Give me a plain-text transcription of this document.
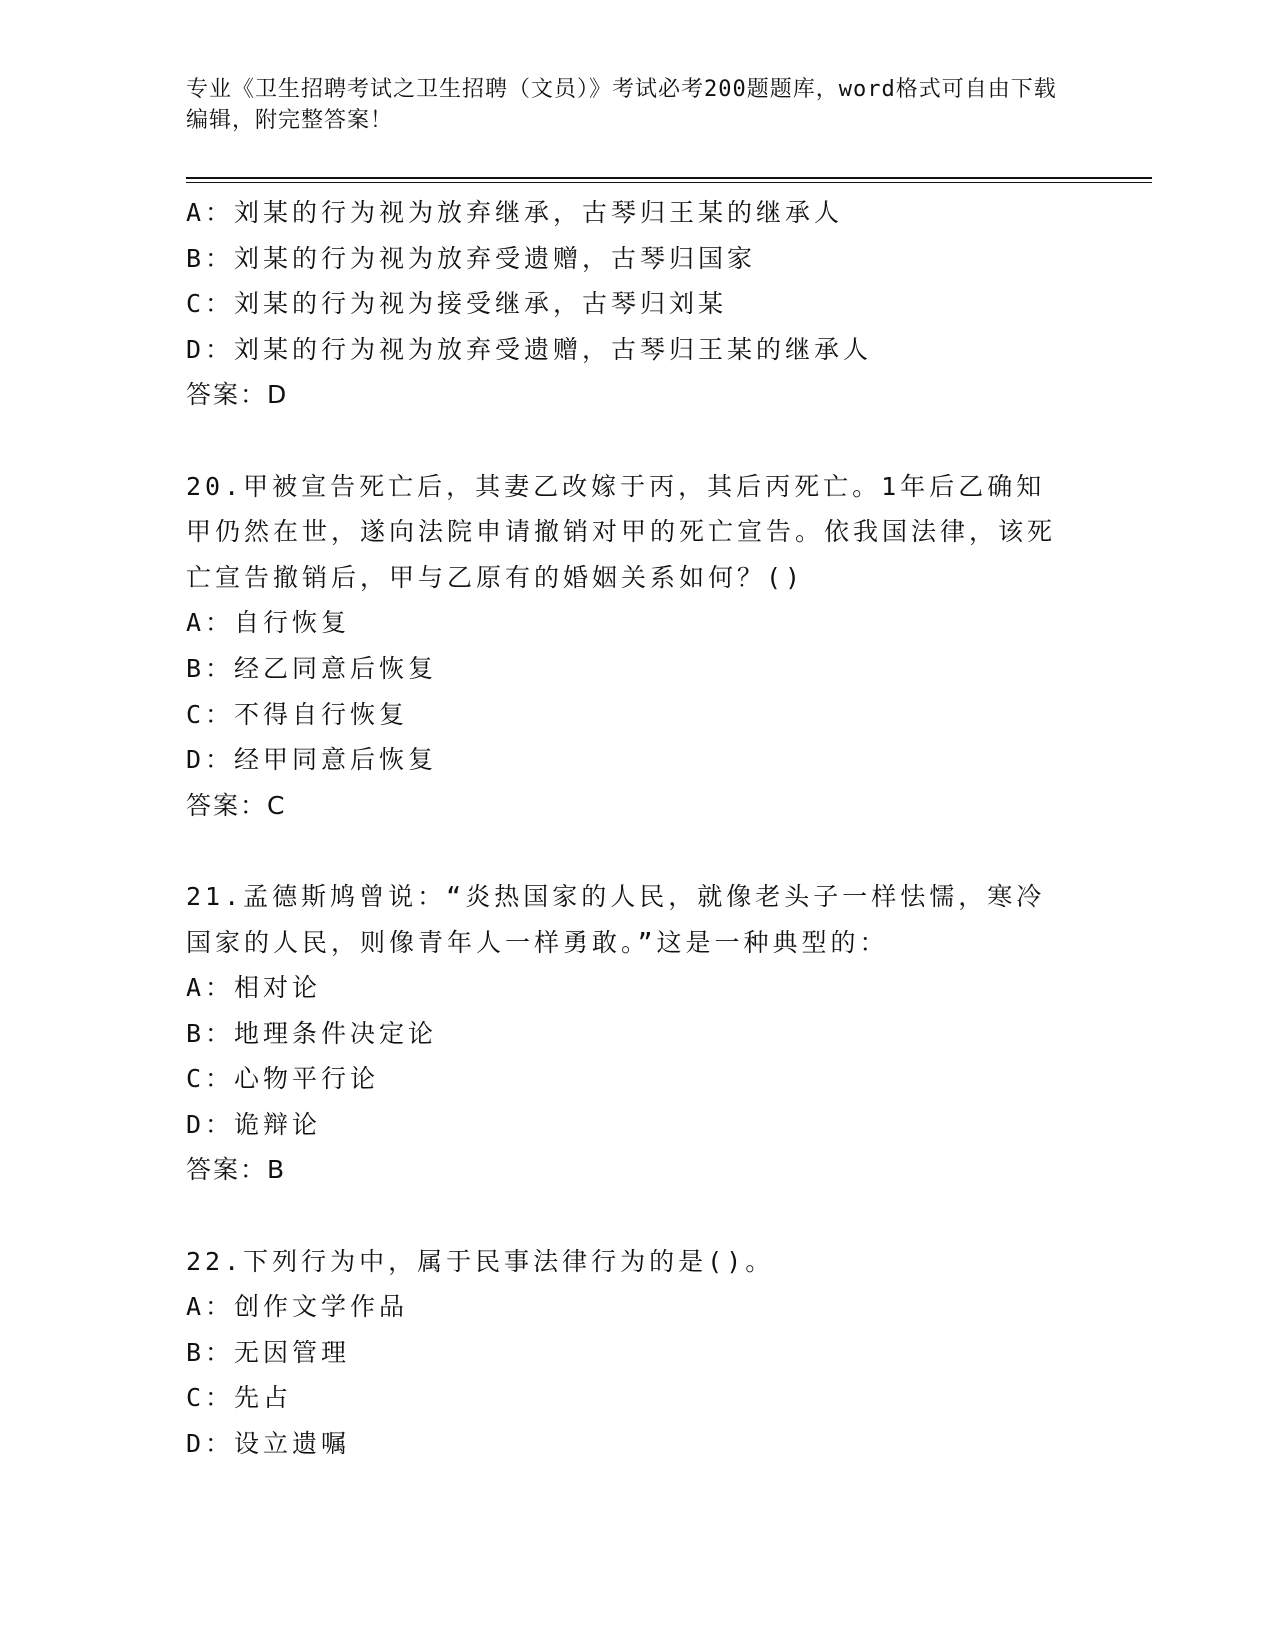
专业《卫生招聘考试之卫生招聘（文员）》考试必考200题题库，word格式可自由下载编辑，附完整答案！
A：刘某的行为视为放弃继承，古琴归王某的继承人
B：刘某的行为视为放弃受遗赠，古琴归国家
C：刘某的行为视为接受继承，古琴归刘某
D：刘某的行为视为放弃受遗赠，古琴归王某的继承人
答案：D
20.甲被宣告死亡后，其妻乙改嫁于丙，其后丙死亡。1年后乙确知甲仍然在世，遂向法院申请撤销对甲的死亡宣告。依我国法律，该死亡宣告撤销后，甲与乙原有的婚姻关系如何？()
A：自行恢复
B：经乙同意后恢复
C：不得自行恢复
D：经甲同意后恢复
答案：C
21.孟德斯鸠曾说：“炎热国家的人民，就像老头子一样怯懦，寒冷国家的人民，则像青年人一样勇敢。”这是一种典型的：
A：相对论
B：地理条件决定论
C：心物平行论
D：诡辩论
答案：B
22.下列行为中，属于民事法律行为的是()。
A：创作文学作品
B：无因管理
C：先占
D：设立遗嘱
